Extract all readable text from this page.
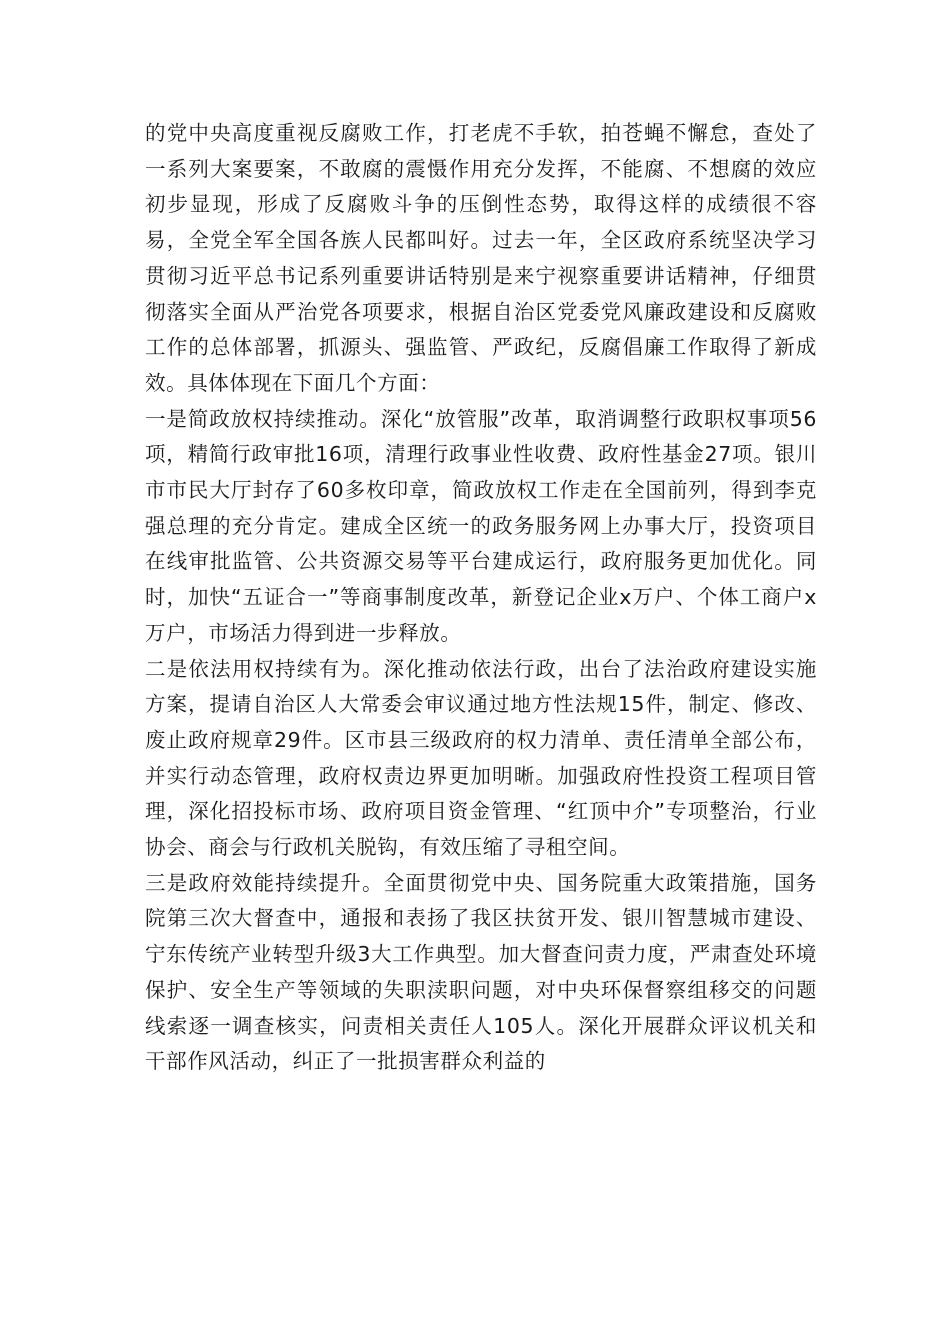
的党中央高度重视反腐败工作，打老虎不手软，拍苍蝇不懈怠，查处了一系列大案要案，不敢腐的震慑作用充分发挥，不能腐、不想腐的效应初步显现，形成了反腐败斗争的压倒性态势，取得这样的成绩很不容易，全党全军全国各族人民都叫好。过去一年，全区政府系统坚决学习贯彻习近平总书记系列重要讲话特别是来宁视察重要讲话精神，仔细贯彻落实全面从严治党各项要求，根据自治区党委党风廉政建设和反腐败工作的总体部署，抓源头、强监管、严政纪，反腐倡廉工作取得了新成效。具体体现在下面几个方面：

一是简政放权持续推动。深化“放管服”改革，取消调整行政职权事项56项，精简行政审批16项，清理行政事业性收费、政府性基金27项。银川市市民大厅封存了60多枚印章，简政放权工作走在全国前列，得到李克强总理的充分肯定。建成全区统一的政务服务网上办事大厅，投资项目在线审批监管、公共资源交易等平台建成运行，政府服务更加优化。同时，加快“五证合一”等商事制度改革，新登记企业x万户、个体工商户x万户，市场活力得到进一步释放。

二是依法用权持续有为。深化推动依法行政，出台了法治政府建设实施方案，提请自治区人大常委会审议通过地方性法规15件，制定、修改、废止政府规章29件。区市县三级政府的权力清单、责任清单全部公布，并实行动态管理，政府权责边界更加明晰。加强政府性投资工程项目管理，深化招投标市场、政府项目资金管理、“红顶中介”专项整治，行业协会、商会与行政机关脱钩，有效压缩了寻租空间。

三是政府效能持续提升。全面贯彻党中央、国务院重大政策措施，国务院第三次大督查中，通报和表扬了我区扶贫开发、银川智慧城市建设、宁东传统产业转型升级3大工作典型。加大督查问责力度，严肃查处环境保护、安全生产等领域的失职渎职问题，对中央环保督察组移交的问题线索逐一调查核实，问责相关责任人105人。深化开展群众评议机关和干部作风活动，纠正了一批损害群众利益的
